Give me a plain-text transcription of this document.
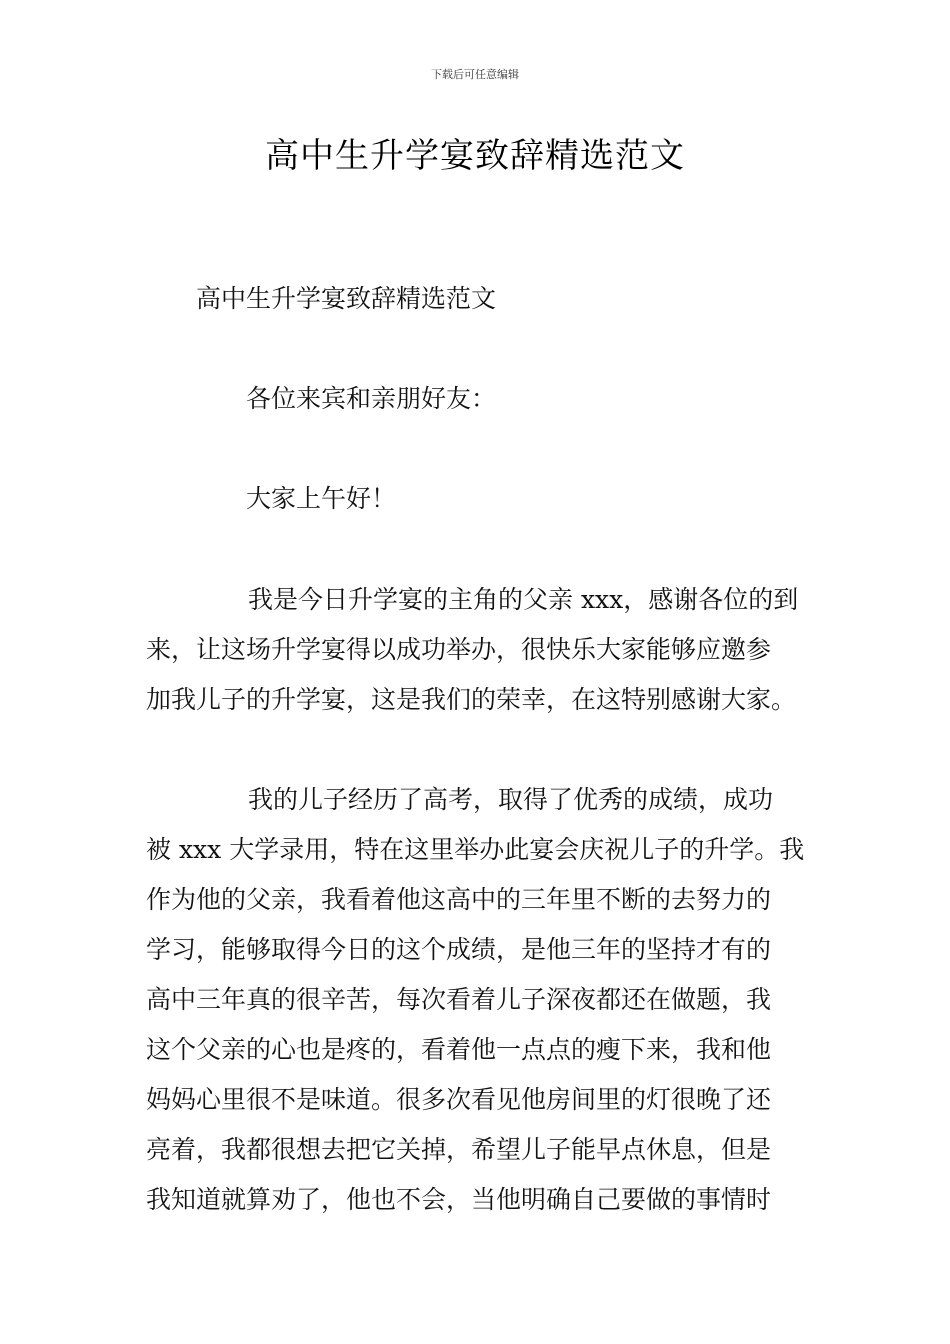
下载后可任意编辑
高中生升学宴致辞精选范文
高中生升学宴致辞精选范文
各位来宾和亲朋好友：
大家上午好！
我是今日升学宴的主角的父亲 xxx，感谢各位的到
来，让这场升学宴得以成功举办，很快乐大家能够应邀参
加我儿子的升学宴，这是我们的荣幸，在这特别感谢大家。
我的儿子经历了高考，取得了优秀的成绩，成功
被 xxx 大学录用，特在这里举办此宴会庆祝儿子的升学。我
作为他的父亲，我看着他这高中的三年里不断的去努力的
学习，能够取得今日的这个成绩，是他三年的坚持才有的
高中三年真的很辛苦，每次看着儿子深夜都还在做题，我
这个父亲的心也是疼的，看着他一点点的瘦下来，我和他
妈妈心里很不是味道。很多次看见他房间里的灯很晚了还
亮着，我都很想去把它关掉，希望儿子能早点休息，但是
我知道就算劝了，他也不会，当他明确自己要做的事情时
